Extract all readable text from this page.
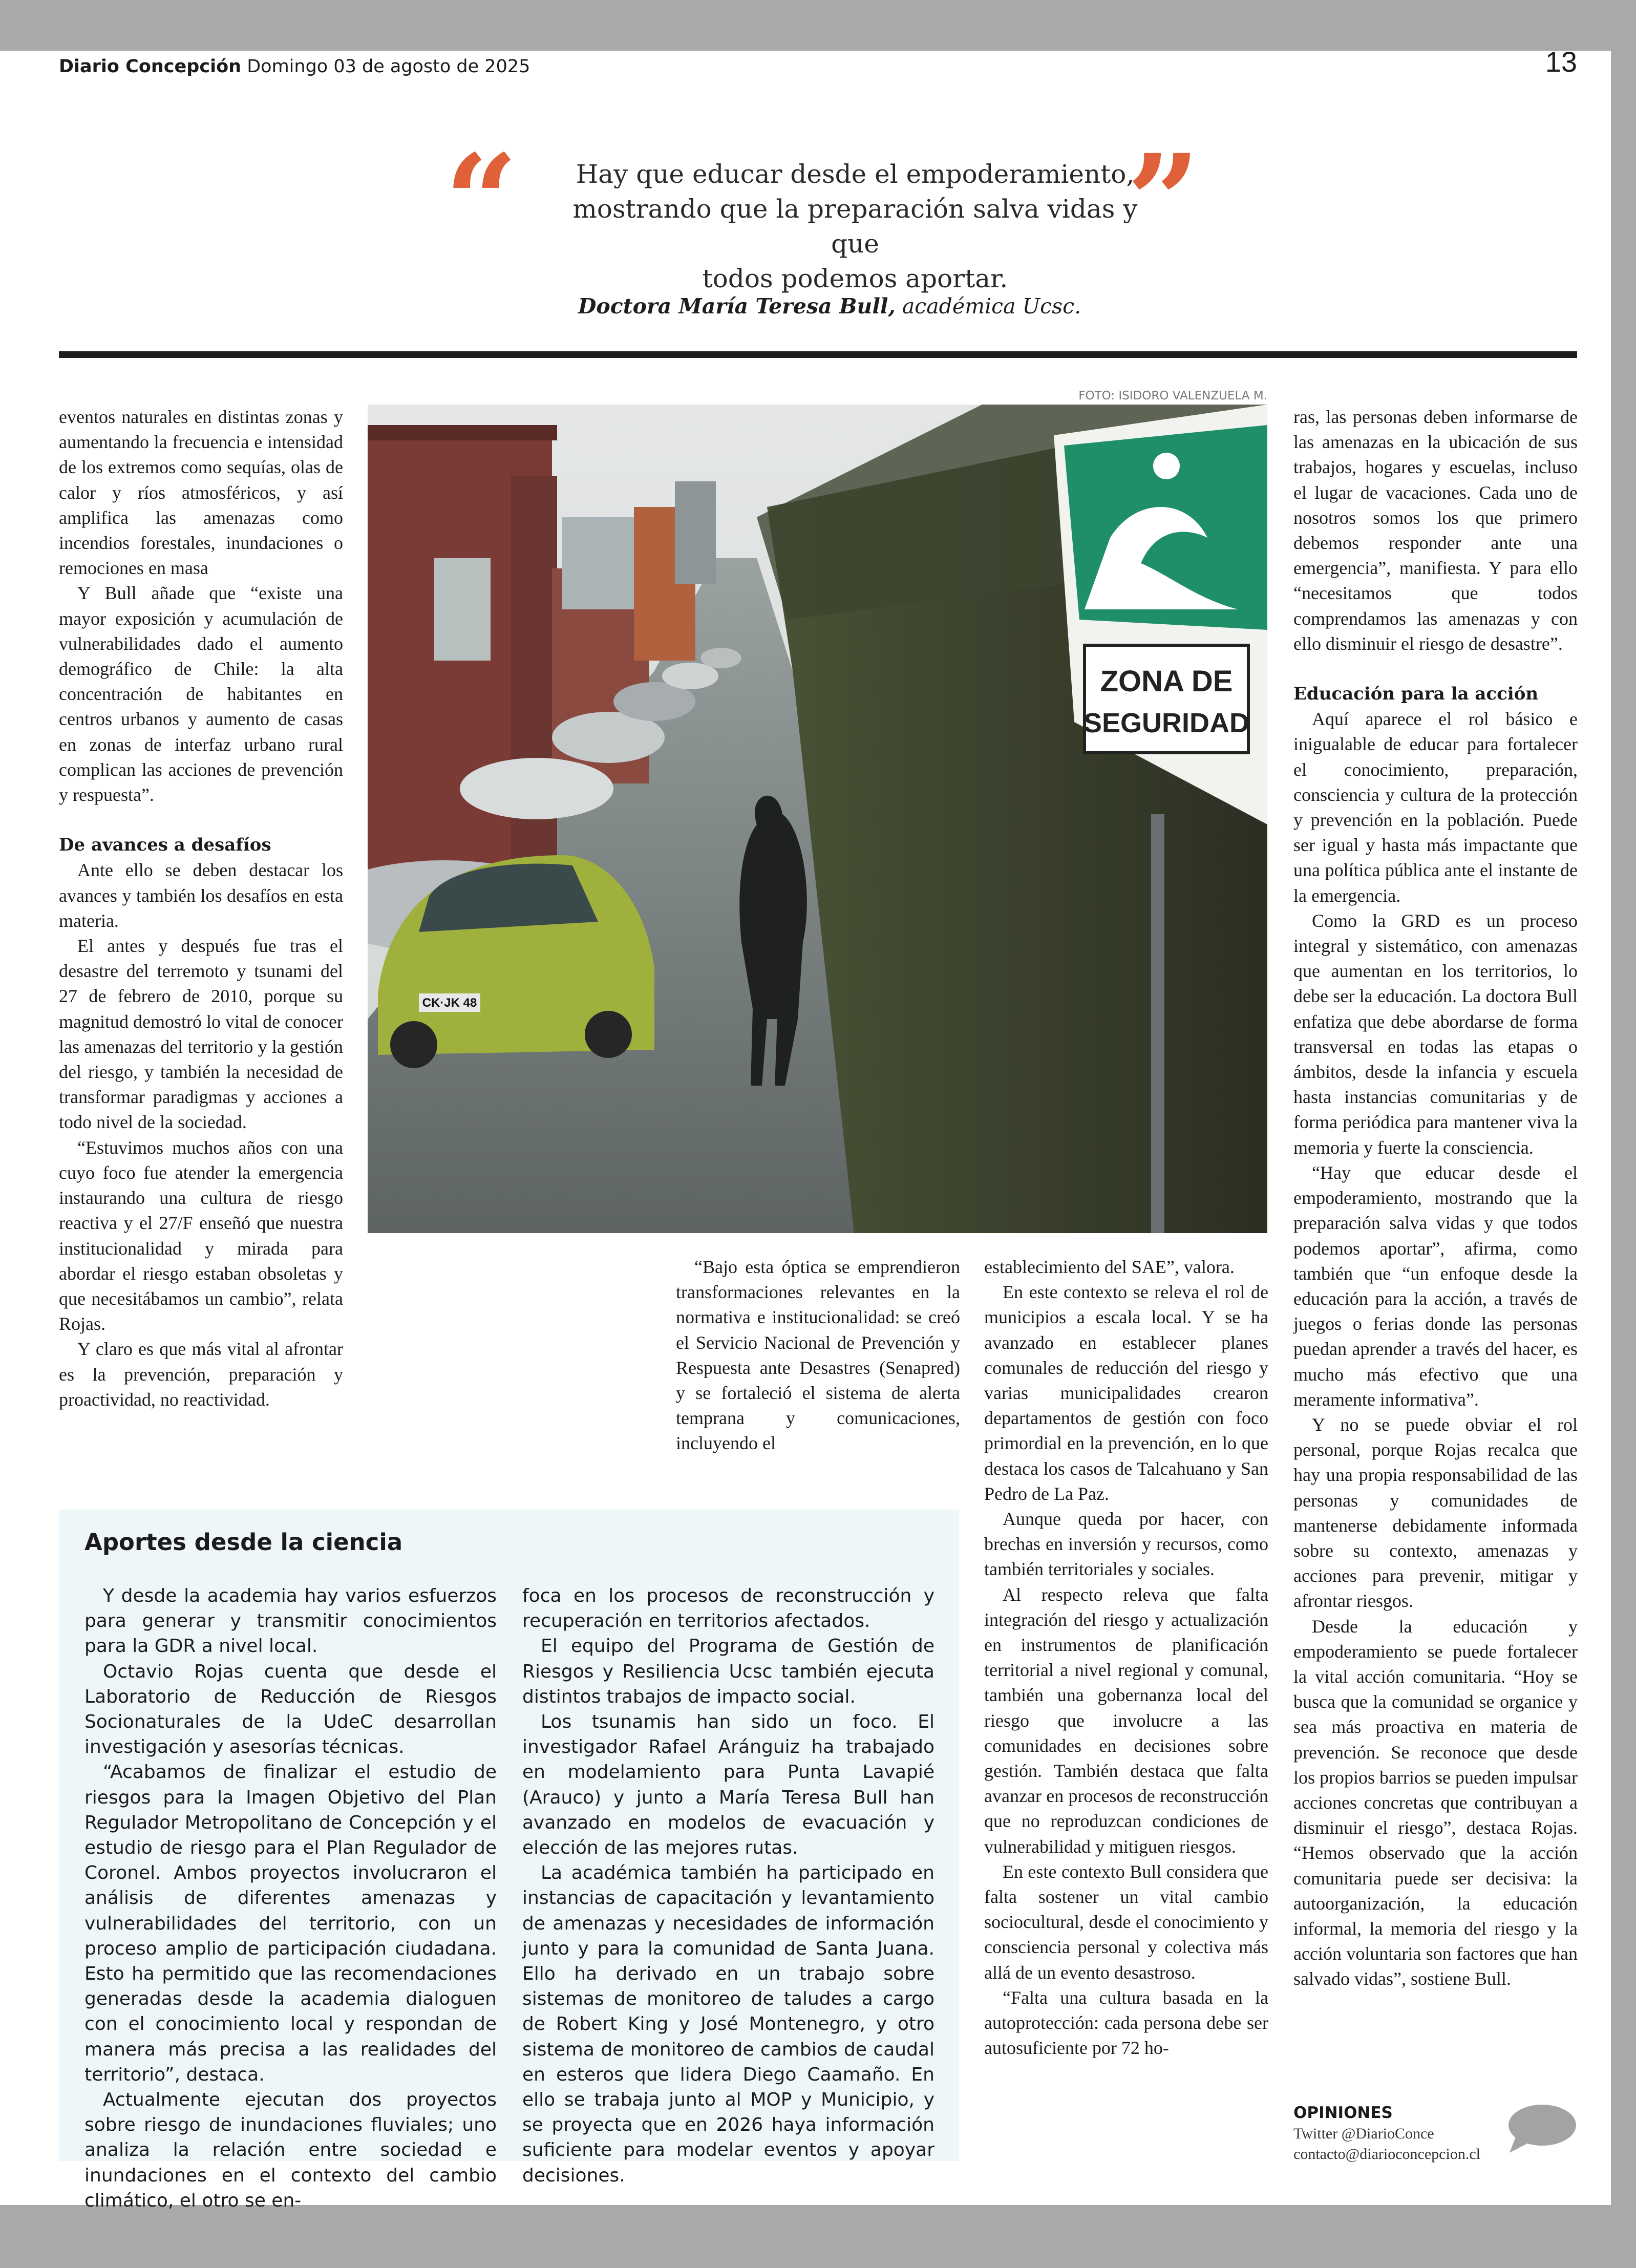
Diario Concepción Domingo 03 de agosto de 2025	13
“	”
Hay que educar desde el empoderamiento,
mostrando que la preparación salva vidas y que
todos podemos aportar.
Doctora María Teresa Bull, académica Ucsc.

eventos naturales en distintas zonas y aumentando la frecuencia e intensidad de los extremos como sequías, olas de calor y ríos atmosféricos, y así amplifica las amenazas como incendios forestales, inundaciones o remociones en masa

Y Bull añade que “existe una mayor exposición y acumulación de vulnerabilidades dado el aumento demográfico de Chile: la alta concentración de habitantes en centros urbanos y aumento de casas en zonas de interfaz urbano rural complican las acciones de prevención y respuesta”.

De avances a desafíos

Ante ello se deben destacar los avances y también los desafíos en esta materia.

El antes y después fue tras el desastre del terremoto y tsunami del 27 de febrero de 2010, porque su magnitud demostró lo vital de conocer las amenazas del territorio y la gestión del riesgo, y también la necesidad de transformar paradigmas y acciones a todo nivel de la sociedad.

“Estuvimos muchos años con una cuyo foco fue atender la emergencia instaurando una cultura de riesgo reactiva y el 27/F enseñó que nuestra institucionalidad y mirada para abordar el riesgo estaban obsoletas y que necesitábamos un cambio”, relata Rojas.

Y claro es que más vital al afrontar es la prevención, preparación y proactividad, no reactividad.

FOTO: ISIDORO VALENZUELA M.
ZONA DE
SEGURIDAD
CK·JK 48

“Bajo esta óptica se emprendieron transformaciones relevantes en la normativa e institucionalidad: se creó el Servicio Nacional de Prevención y Respuesta ante Desastres (Senapred) y se fortaleció el sistema de alerta temprana y comunicaciones, incluyendo el

establecimiento del SAE”, valora.

En este contexto se releva el rol de municipios a escala local. Y se ha avanzado en establecer planes comunales de reducción del riesgo y varias municipalidades crearon departamentos de gestión con foco primordial en la prevención, en lo que destaca los casos de Talcahuano y San Pedro de La Paz.

Aunque queda por hacer, con brechas en inversión y recursos, como también territoriales y sociales.

Al respecto releva que falta integración del riesgo y actualización en instrumentos de planificación territorial a nivel regional y comunal, también una gobernanza local del riesgo que involucre a las comunidades en decisiones sobre gestión. También destaca que falta avanzar en procesos de reconstrucción que no reproduzcan condiciones de vulnerabilidad y mitiguen riesgos.

En este contexto Bull considera que falta sostener un vital cambio sociocultural, desde el conocimiento y consciencia personal y colectiva más allá de un evento desastroso.

“Falta una cultura basada en la autoprotección: cada persona debe ser autosuficiente por 72 ho-

ras, las personas deben informarse de las amenazas en la ubicación de sus trabajos, hogares y escuelas, incluso el lugar de vacaciones. Cada uno de nosotros somos los que primero debemos responder ante una emergencia”, manifiesta. Y para ello “necesitamos que todos comprendamos las amenazas y con ello disminuir el riesgo de desastre”.

Educación para la acción

Aquí aparece el rol básico e inigualable de educar para fortalecer el conocimiento, preparación, consciencia y cultura de la protección y prevención en la población. Puede ser igual y hasta más impactante que una política pública ante el instante de la emergencia.

Como la GRD es un proceso integral y sistemático, con amenazas que aumentan en los territorios, lo debe ser la educación. La doctora Bull enfatiza que debe abordarse de forma transversal en todas las etapas o ámbitos, desde la infancia y escuela hasta instancias comunitarias y de forma periódica para mantener viva la memoria y fuerte la consciencia.

“Hay que educar desde el empoderamiento, mostrando que la preparación salva vidas y que todos podemos aportar”, afirma, como también que “un enfoque desde la educación para la acción, a través de juegos o ferias donde las personas puedan aprender a través del hacer, es mucho más efectivo que una meramente informativa”.

Y no se puede obviar el rol personal, porque Rojas recalca que hay una propia responsabilidad de las personas y comunidades de mantenerse debidamente informada sobre su contexto, amenazas y acciones para prevenir, mitigar y afrontar riesgos.

Desde la educación y empoderamiento se puede fortalecer la vital acción comunitaria. “Hoy se busca que la comunidad se organice y sea más proactiva en materia de prevención. Se reconoce que desde los propios barrios se pueden impulsar acciones concretas que contribuyan a disminuir el riesgo”, destaca Rojas. “Hemos observado que la acción comunitaria puede ser decisiva: la autoorganización, la educación informal, la memoria del riesgo y la acción voluntaria son factores que han salvado vidas”, sostiene Bull.

Aportes desde la ciencia

Y desde la academia hay varios esfuerzos para generar y transmitir conocimientos para la GDR a nivel local.

Octavio Rojas cuenta que desde el Laboratorio de Reducción de Riesgos Socionaturales de la UdeC desarrollan investigación y asesorías técnicas.

“Acabamos de finalizar el estudio de riesgos para la Imagen Objetivo del Plan Regulador Metropolitano de Concepción y el estudio de riesgo para el Plan Regulador de Coronel. Ambos proyectos involucraron el análisis de diferentes amenazas y vulnerabilidades del territorio, con un proceso amplio de participación ciudadana. Esto ha permitido que las recomendaciones generadas desde la academia dialoguen con el conocimiento local y respondan de manera más precisa a las realidades del territorio”, destaca.

Actualmente ejecutan dos proyectos sobre riesgo de inundaciones fluviales; uno analiza la relación entre sociedad e inundaciones en el contexto del cambio climático, el otro se en-

foca en los procesos de reconstrucción y recuperación en territorios afectados.

El equipo del Programa de Gestión de Riesgos y Resiliencia Ucsc también ejecuta distintos trabajos de impacto social.

Los tsunamis han sido un foco. El investigador Rafael Aránguiz ha trabajado en modelamiento para Punta Lavapié (Arauco) y junto a María Teresa Bull han avanzado en modelos de evacuación y elección de las mejores rutas.

La académica también ha participado en instancias de capacitación y levantamiento de amenazas y necesidades de información junto y para la comunidad de Santa Juana. Ello ha derivado en un trabajo sobre sistemas de monitoreo de taludes a cargo de Robert King y José Montenegro, y otro sistema de monitoreo de cambios de caudal en esteros que lidera Diego Caamaño. En ello se trabaja junto al MOP y Municipio, y se proyecta que en 2026 haya información suficiente para modelar eventos y apoyar decisiones.

OPINIONES
Twitter @DiarioConce
contacto@diarioconcepcion.cl
